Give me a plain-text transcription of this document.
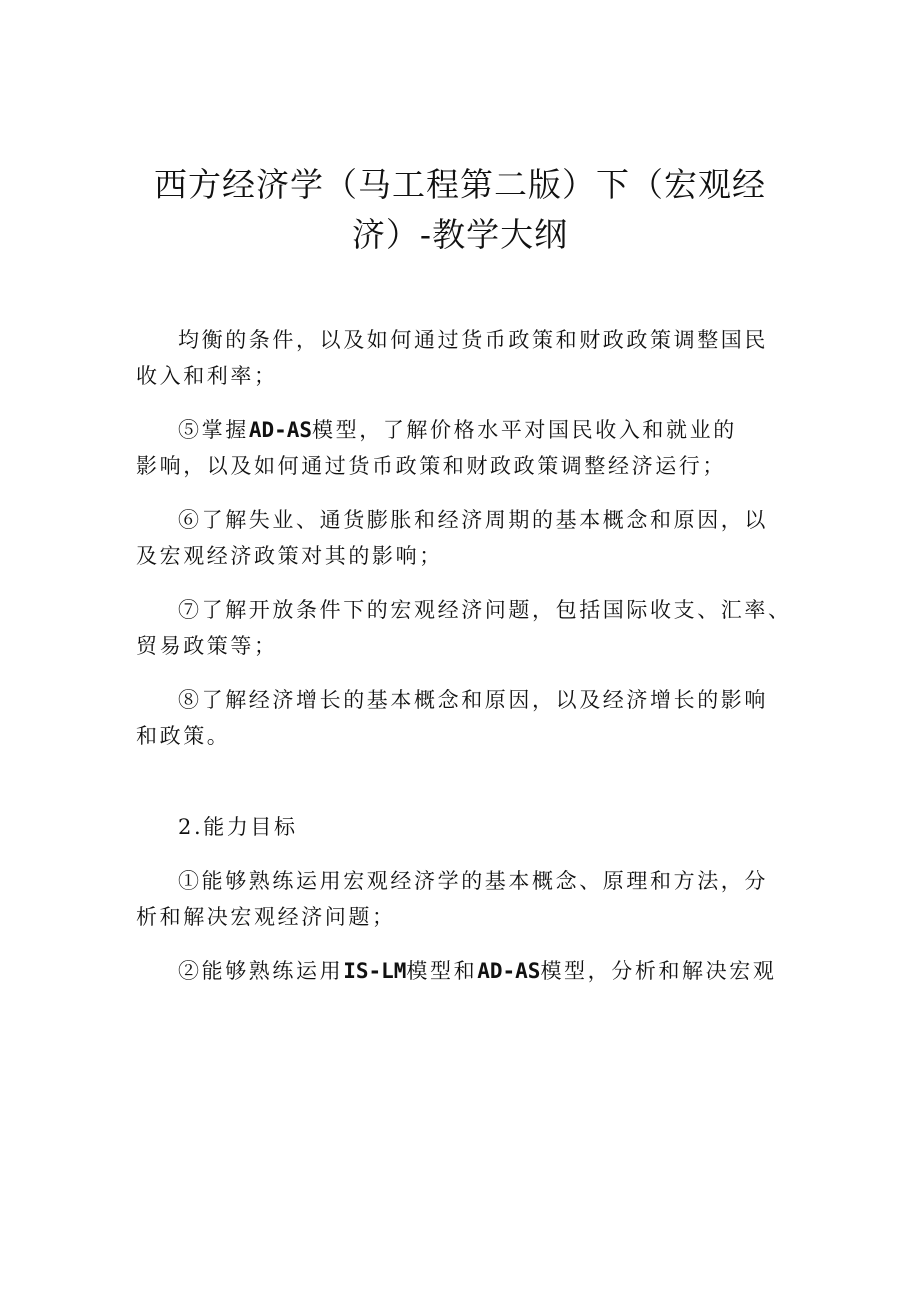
西方经济学（马工程第二版）下（宏观经
济）-教学大纲

均衡的条件，以及如何通过货币政策和财政政策调整国民
收入和利率；

⑤掌握AD-AS模型，了解价格水平对国民收入和就业的
影响，以及如何通过货币政策和财政政策调整经济运行；

⑥了解失业、通货膨胀和经济周期的基本概念和原因，以
及宏观经济政策对其的影响；

⑦了解开放条件下的宏观经济问题，包括国际收支、汇率、
贸易政策等；

⑧了解经济增长的基本概念和原因，以及经济增长的影响
和政策。

2.能力目标

①能够熟练运用宏观经济学的基本概念、原理和方法，分
析和解决宏观经济问题；

②能够熟练运用IS-LM模型和AD-AS模型，分析和解决宏观
